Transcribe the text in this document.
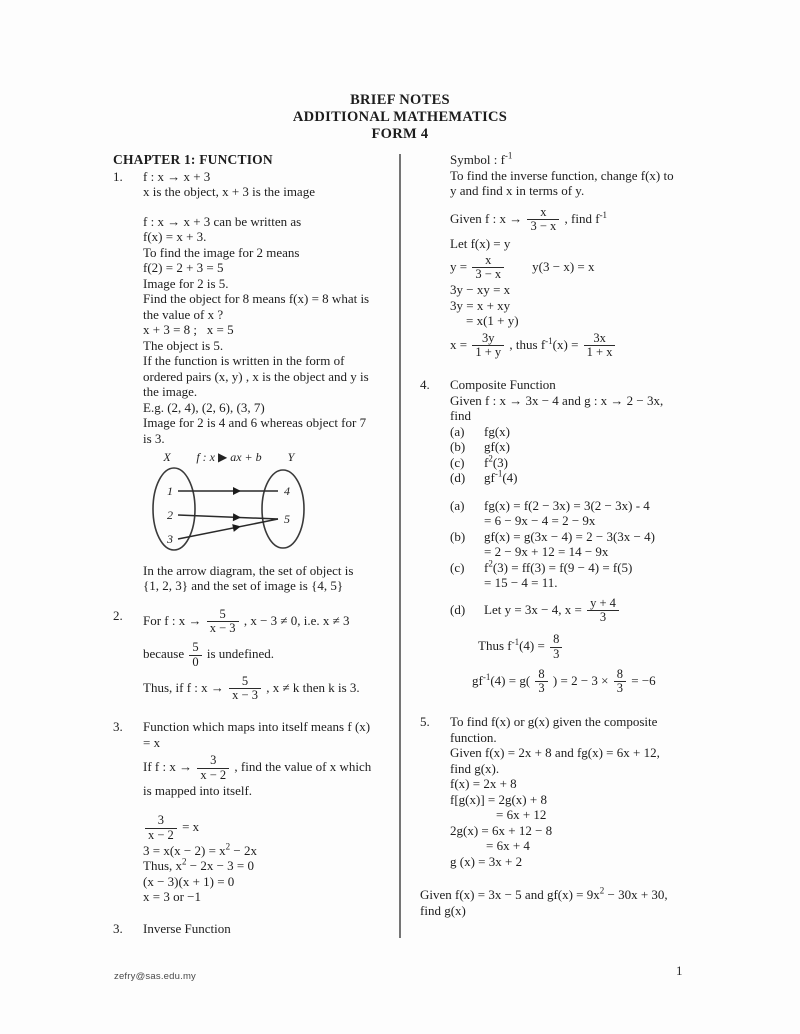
BRIEF NOTES
ADDITIONAL MATHEMATICS
FORM 4
CHAPTER 1: FUNCTION
1.	f : x → x + 3
x is the object, x + 3 is the image
f : x → x + 3 can be written as
f(x) = x + 3.
To find the image for 2 means
f(2) = 2 + 3 = 5
Image for 2 is 5.
Find the object for 8 means f(x) = 8 what is
the value of x ?
x + 3 = 8 ;   x = 5
The object is 5.
If the function is written in the form of
ordered pairs (x, y) , x is the object and y is
the image.
E.g. (2, 4), (2, 6), (3, 7)
Image for 2 is 4 and 6 whereas object for 7
is 3.
X	Y
f : x ▶ ax + b
1
2
3
4
5
In the arrow diagram, the set of object is
{1, 2, 3} and the set of image is {4, 5}
2.	For f : $x \to \frac{5}{x - 3}$ , x − 3 ≠ 0, i.e. x ≠ 3
because $\frac{5}{0}$ is undefined.
Thus, if f : $x \to \frac{5}{x - 3}$ , x ≠ k then k is 3.
3.	Function which maps into itself means f (x)
= x
If f : $x \to \frac{3}{x - 2}$ , find the value of x which
is mapped into itself.
$\frac{3}{x - 2} = x$
$3 = x(x - 2) = x^2 - 2x$
Thus, $x^2 - 2x - 3 = 0$
(x − 3)(x + 1) = 0
x = 3 or −1
3.	Inverse Function
Symbol : $f^{-1}$
To find the inverse function, change f(x) to
y and find x in terms of y.
Given f : $x \to \frac{x}{3 - x}$ , find $f^{-1}$
Let f(x) = y
$y = \frac{x}{3 - x} y(3 - x) = x$
3y − xy = x
3y = x + xy
= x(1 + y)
$x = \frac{3y}{1 + y}$ , thus $f^{-1}(x) = \frac{3x}{1 + x}$
4.	Composite Function
Given f : x → 3x − 4 and g : x → 2 − 3x,
find
(a) fg(x)
(b) gf(x)
(c) $f^2(3)$
(d) $gf^{-1}(4)$
(a) fg(x) = f(2 − 3x) = 3(2 − 3x) - 4
= 6 − 9x − 4 = 2 − 9x
(b) gf(x) = g(3x − 4) = 2 − 3(3x − 4)
= 2 − 9x + 12 = 14 − 9x
(c) $f^2(3) = ff(3) = f(9 - 4) = f(5)$
= 15 − 4 = 11.
(d) Let y = 3x − 4, $x = \frac{y + 4}{3}$
Thus $f^{-1}(4) = \frac{8}{3}$
$gf^{-1}(4) = g( \frac{8}{3}$ ) = $2 - 3 \times \frac{8}{3} = -6$
5.	To find f(x) or g(x) given the composite
function.
Given f(x) = 2x + 8 and fg(x) = 6x + 12,
find g(x).
f(x) = 2x + 8
f[g(x)] = 2g(x) + 8
= 6x + 12
2g(x) = 6x + 12 − 8
= 6x + 4
g (x) = 3x + 2
Given f(x) = 3x − 5 and $gf(x) = 9x^2 - 30x + 30$,
find g(x)
zefry@sas.edu.my	1
